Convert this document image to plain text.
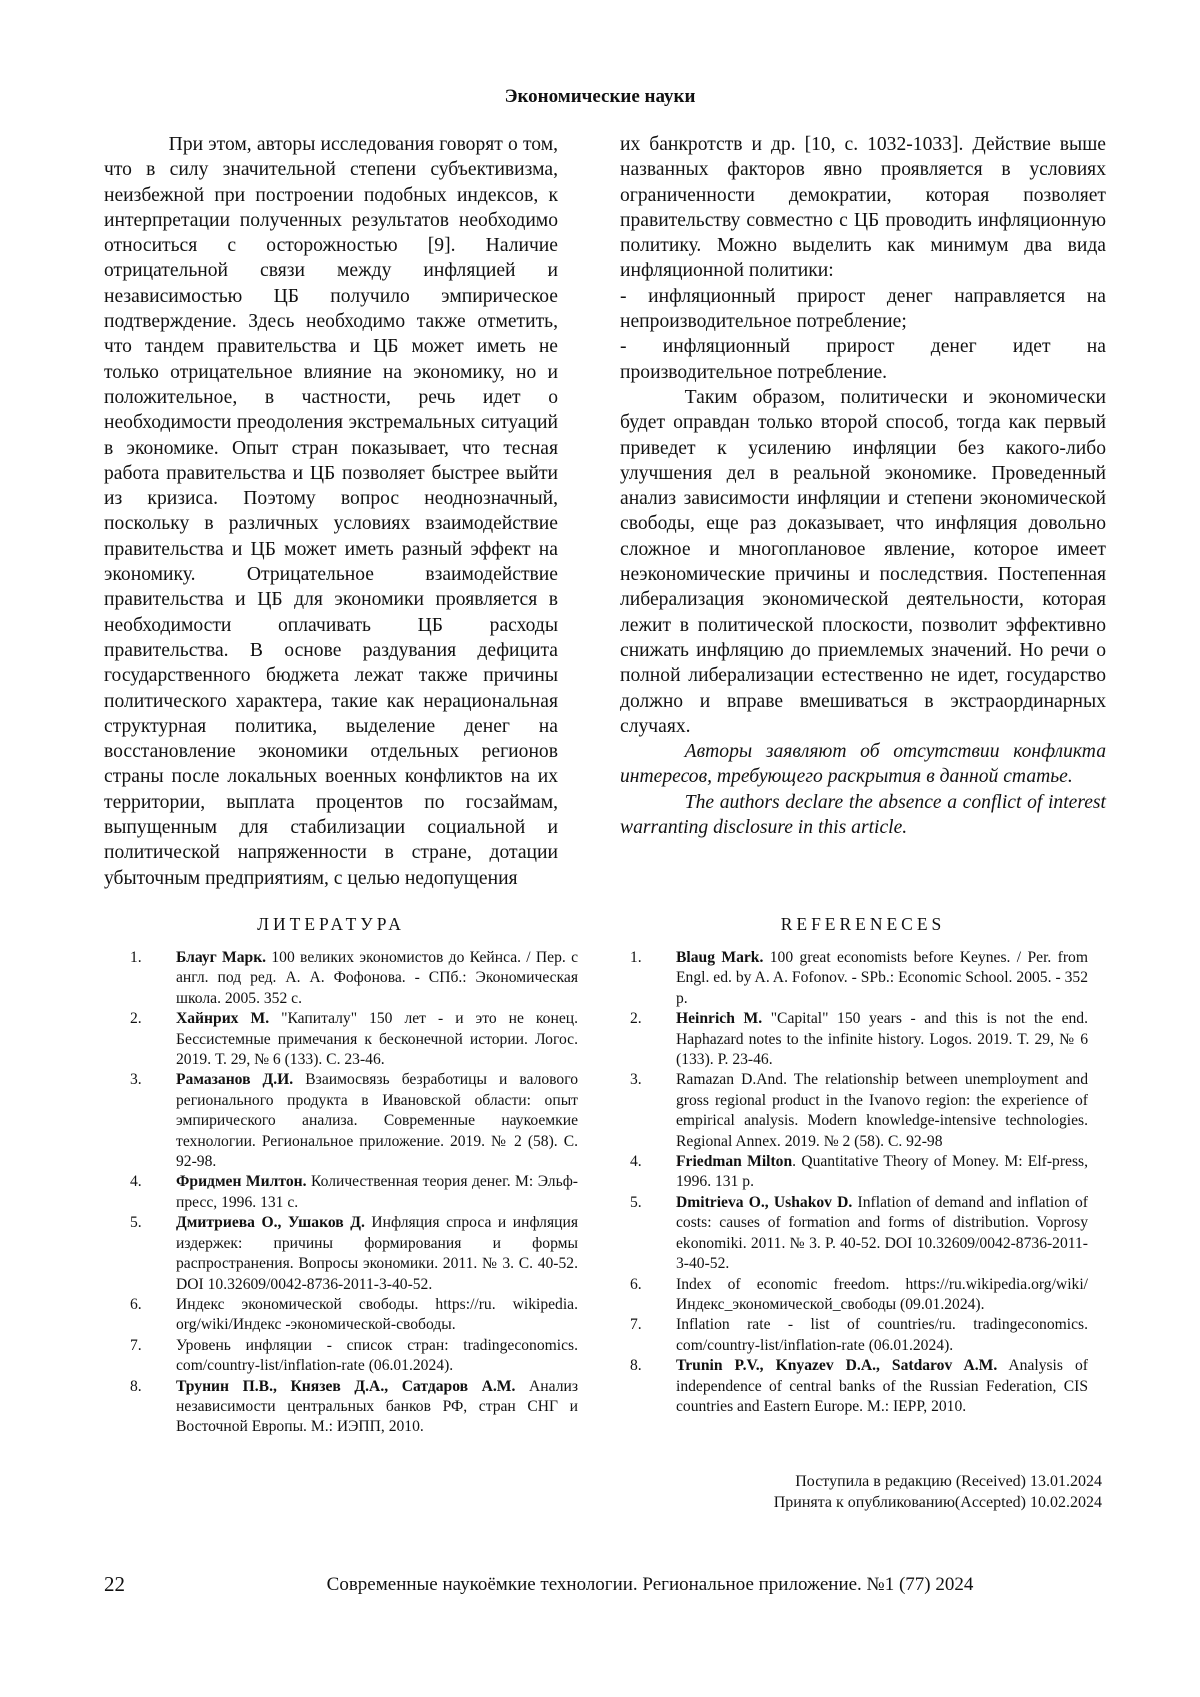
Экономические науки

При этом, авторы исследования говорят о том, что в силу значительной степени субъективизма, неизбежной при построении подобных индексов, к интерпретации полученных результатов необходимо относиться с осторожностью [9]. Наличие отрицательной связи между инфляцией и независимостью ЦБ получило эмпирическое подтверждение. Здесь необходимо также отметить, что тандем правительства и ЦБ может иметь не только отрицательное влияние на экономику, но и положительное, в частности, речь идет о необходимости преодоления экстремальных ситуаций в экономике. Опыт стран показывает, что тесная работа правительства и ЦБ позволяет быстрее выйти из кризиса. Поэтому вопрос неоднозначный, поскольку в различных условиях взаимодействие правительства и ЦБ может иметь разный эффект на экономику. Отрицательное взаимодействие правительства и ЦБ для экономики проявляется в необходимости оплачивать ЦБ расходы правительства. В основе раздувания дефицита государственного бюджета лежат также причины политического характера, такие как нерациональная структурная политика, выделение денег на восстановление экономики отдельных регионов страны после локальных военных конфликтов на их территории, выплата процентов по госзаймам, выпущенным для стабилизации социальной и политической напряженности в стране, дотации убыточным предприятиям, с целью недопущения

их банкротств и др. [10, с. 1032-1033]. Действие выше названных факторов явно проявляется в условиях ограниченности демократии, которая позволяет правительству совместно с ЦБ проводить инфляционную политику. Можно выделить как минимум два вида инфляционной политики:

- инфляционный прирост денег направляется на непроизводительное потребление;

- инфляционный прирост денег идет на производительное потребление.

Таким образом, политически и экономически будет оправдан только второй способ, тогда как первый приведет к усилению инфляции без какого-либо улучшения дел в реальной экономике. Проведенный анализ зависимости инфляции и степени экономической свободы, еще раз доказывает, что инфляция довольно сложное и многоплановое явление, которое имеет неэкономические причины и последствия. Постепенная либерализация экономической деятельности, которая лежит в политической плоскости, позволит эффективно снижать инфляцию до приемлемых значений. Но речи о полной либерализации естественно не идет, государство должно и вправе вмешиваться в экстраординарных случаях.

Авторы заявляют об отсутствии конфликта интересов, требующего раскрытия в данной статье.

The authors declare the absence a conflict of interest warranting disclosure in this article.

ЛИТЕРАТУРА	REFERENECES
1.	Блауг Марк. 100 великих экономистов до Кейнса. / Пер. с англ. под ред. А. А. Фофонова. - СПб.: Экономическая школа. 2005. 352 с.
2.	Хайнрих М. "Капиталу" 150 лет - и это не конец. Бессистемные примечания к бесконечной истории. Логос. 2019. Т. 29, № 6 (133). С. 23-46.
3.	Рамазанов Д.И. Взаимосвязь безработицы и валового регионального продукта в Ивановской области: опыт эмпирического анализа. Современные наукоемкие технологии. Региональное приложение. 2019. № 2 (58). С. 92-98.
4.	Фридмен Милтон. Количественная теория денег. М: Эльф-пресс, 1996. 131 с.
5.	Дмитриева О., Ушаков Д. Инфляция спроса и инфляция издержек: причины формирования и формы распространения. Вопросы экономики. 2011. № 3. С. 40-52. DOI 10.32609/0042-8736-2011-3-40-52.
6.	Индекс экономической свободы. https://ru. wikipedia. org/wiki/Индекс -экономической-свободы.
7.	Уровень инфляции - список стран: tradingeconomics. com/country-list/inflation-rate (06.01.2024).
8.	Трунин П.В., Князев Д.А., Сатдаров А.М. Анализ независимости центральных банков РФ, стран СНГ и Восточной Европы. М.: ИЭПП, 2010.
1.	Blaug Mark. 100 great economists before Keynes. / Per. from Engl. ed. by A. A. Fofonov. - SPb.: Economic School. 2005. - 352 p.
2.	Heinrich M. "Capital" 150 years - and this is not the end. Haphazard notes to the infinite history. Logos. 2019. T. 29, № 6 (133). P. 23-46.
3.	Ramazan D.And. The relationship between unemployment and gross regional product in the Ivanovo region: the experience of empirical analysis. Modern knowledge-intensive technologies. Regional Annex. 2019. № 2 (58). C. 92-98
4.	Friedman Milton. Quantitative Theory of Money. M: Elf-press, 1996. 131 p.
5.	Dmitrieva O., Ushakov D. Inflation of demand and inflation of costs: causes of formation and forms of distribution. Voprosy ekonomiki. 2011. № 3. P. 40-52. DOI 10.32609/0042-8736-2011-3-40-52.
6.	Index of economic freedom. https://ru.wikipedia.org/wiki/Индекс_экономической_свободы (09.01.2024).
7.	Inflation rate - list of countries/ru. tradingeconomics. com/country-list/inflation-rate (06.01.2024).
8.	Trunin P.V., Knyazev D.A., Satdarov A.M. Analysis of independence of central banks of the Russian Federation, CIS countries and Eastern Europe. M.: IEPP, 2010.
Поступила в редакцию (Received) 13.01.2024
Принята к опубликованию(Accepted) 10.02.2024
22	Современные наукоёмкие технологии. Региональное приложение. №1 (77) 2024
